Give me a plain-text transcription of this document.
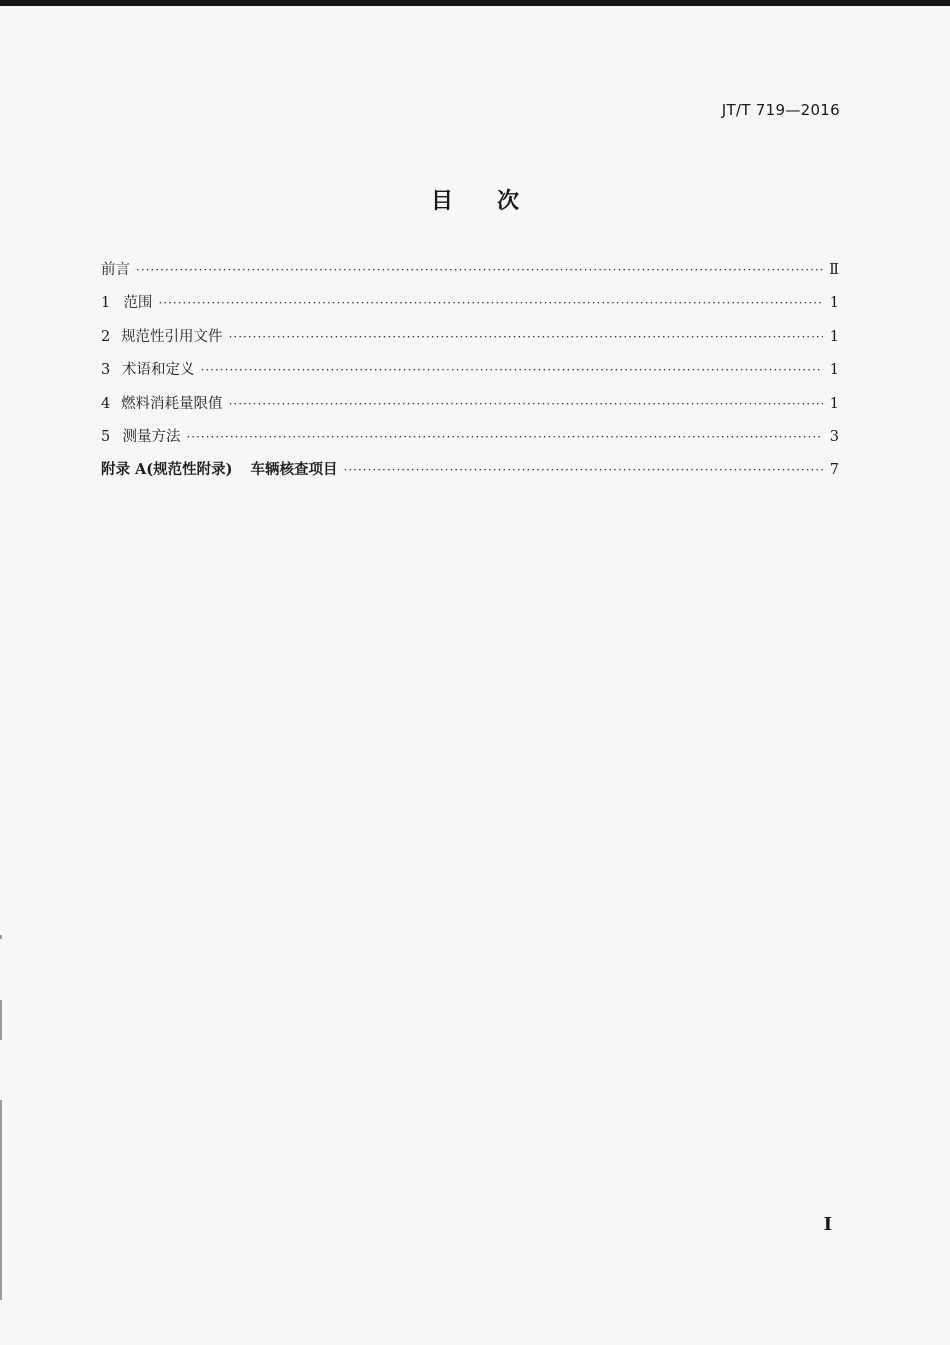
JT/T 719—2016
目次
前言 ·····	Ⅱ
1 范围 ·····	1
2 规范性引用文件 ·····	1
3 术语和定义 ·····	1
4 燃料消耗量限值 ·····	1
5 测量方法 ·····	3
附录 A(规范性附录) 车辆核查项目 ·····	7
I
